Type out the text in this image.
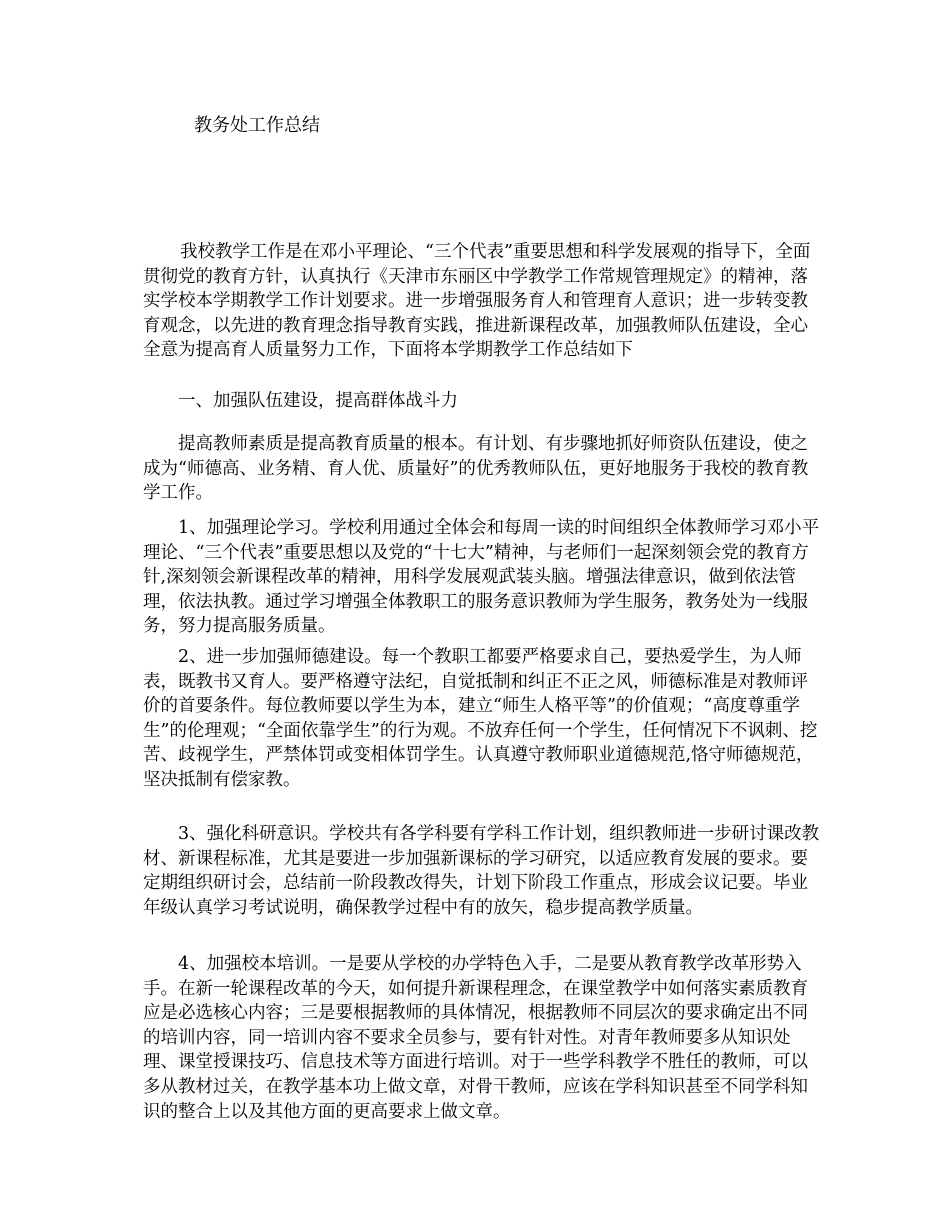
教务处工作总结

我校教学工作是在邓小平理论、“三个代表”重要思想和科学发展观的指导下，全面贯彻党的教育方针，认真执行《天津市东丽区中学教学工作常规管理规定》的精神，落实学校本学期教学工作计划要求。进一步增强服务育人和管理育人意识；进一步转变教育观念，以先进的教育理念指导教育实践，推进新课程改革，加强教师队伍建设，全心全意为提高育人质量努力工作，下面将本学期教学工作总结如下

一、加强队伍建设，提高群体战斗力

提高教师素质是提高教育质量的根本。有计划、有步骤地抓好师资队伍建设，使之成为“师德高、业务精、育人优、质量好”的优秀教师队伍，更好地服务于我校的教育教学工作。

1、加强理论学习。学校利用通过全体会和每周一读的时间组织全体教师学习邓小平理论、“三个代表”重要思想以及党的“十七大”精神，与老师们一起深刻领会党的教育方针,深刻领会新课程改革的精神，用科学发展观武装头脑。增强法律意识，做到依法管理，依法执教。通过学习增强全体教职工的服务意识教师为学生服务，教务处为一线服务，努力提高服务质量。

2、进一步加强师德建设。每一个教职工都要严格要求自己，要热爱学生，为人师表，既教书又育人。要严格遵守法纪，自觉抵制和纠正不正之风，师德标准是对教师评价的首要条件。每位教师要以学生为本，建立“师生人格平等”的价值观；“高度尊重学生”的伦理观；“全面依靠学生”的行为观。不放弃任何一个学生，任何情况下不讽刺、挖苦、歧视学生，严禁体罚或变相体罚学生。认真遵守教师职业道德规范,恪守师德规范，坚决抵制有偿家教。

3、强化科研意识。学校共有各学科要有学科工作计划，组织教师进一步研讨课改教材、新课程标准，尤其是要进一步加强新课标的学习研究，以适应教育发展的要求。要定期组织研讨会，总结前一阶段教改得失，计划下阶段工作重点，形成会议记要。毕业年级认真学习考试说明，确保教学过程中有的放矢，稳步提高教学质量。

4、加强校本培训。一是要从学校的办学特色入手，二是要从教育教学改革形势入手。在新一轮课程改革的今天，如何提升新课程理念，在课堂教学中如何落实素质教育应是必选核心内容；三是要根据教师的具体情况，根据教师不同层次的要求确定出不同的培训内容，同一培训内容不要求全员参与，要有针对性。对青年教师要多从知识处理、课堂授课技巧、信息技术等方面进行培训。对于一些学科教学不胜任的教师，可以多从教材过关，在教学基本功上做文章，对骨干教师，应该在学科知识甚至不同学科知识的整合上以及其他方面的更高要求上做文章。
